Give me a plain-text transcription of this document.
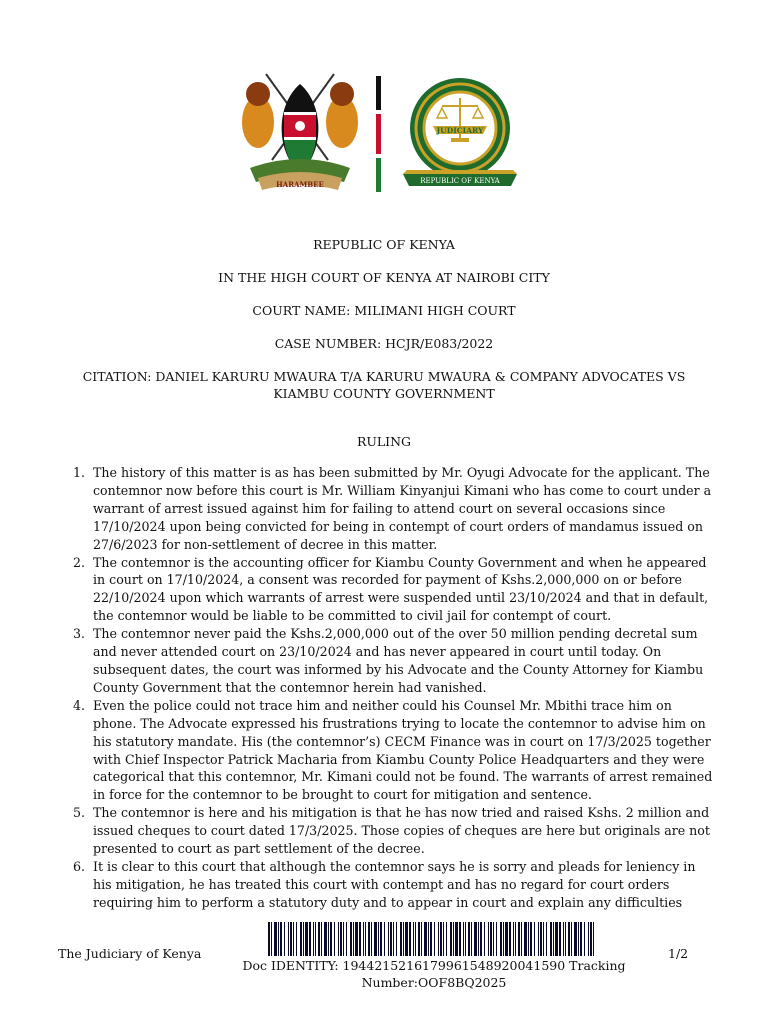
HARAMBEE
JUDICIARY
REPUBLIC OF KENYA

REPUBLIC OF KENYA

IN THE HIGH COURT OF KENYA AT NAIROBI CITY

COURT NAME: MILIMANI HIGH COURT

CASE NUMBER: HCJR/E083/2022

CITATION: DANIEL KARURU MWAURA T/A KARURU MWAURA & COMPANY ADVOCATES VS KIAMBU COUNTY GOVERNMENT

RULING

1. The history of this matter is as has been submitted by Mr. Oyugi Advocate for the applicant. The contemnor now before this court is Mr. William Kinyanjui Kimani who has come to court under a warrant of arrest issued against him for failing to attend court on several occasions since 17/10/2024 upon being convicted for being in contempt of court orders of mandamus issued on 27/6/2023 for non-settlement of decree in this matter.
2. The contemnor is the accounting officer for Kiambu County Government and when he appeared in court on 17/10/2024, a consent was recorded for payment of Kshs.2,000,000 on or before 22/10/2024 upon which warrants of arrest were suspended until 23/10/2024 and that in default, the contemnor would be liable to be committed to civil jail for contempt of court.
3. The contemnor never paid the Kshs.2,000,000 out of the over 50 million pending decretal sum and never attended court on 23/10/2024 and has never appeared in court until today. On subsequent dates, the court was informed by his Advocate and the County Attorney for Kiambu County Government that the contemnor herein had vanished.
4. Even the police could not trace him and neither could his Counsel Mr. Mbithi trace him on phone. The Advocate expressed his frustrations trying to locate the contemnor to advise him on his statutory mandate. His (the contemnor’s) CECM Finance was in court on 17/3/2025 together with Chief Inspector Patrick Macharia from Kiambu County Police Headquarters and they were categorical that this contemnor, Mr. Kimani could not be found. The warrants of arrest remained in force for the contemnor to be brought to court for mitigation and sentence.
5. The contemnor is here and his mitigation is that he has now tried and raised Kshs. 2 million and issued cheques to court dated 17/3/2025. Those copies of cheques are here but originals are not presented to court as part settlement of the decree.
6. It is clear to this court that although the contemnor says he is sorry and pleads for leniency in his mitigation, he has treated this court with contempt and has no regard for court orders requiring him to perform a statutory duty and to appear in court and explain any difficulties
The Judiciary of Kenya	1/2
Doc IDENTITY: 19442152161799615489200415​90 Tracking Number:OOF8BQ2025
